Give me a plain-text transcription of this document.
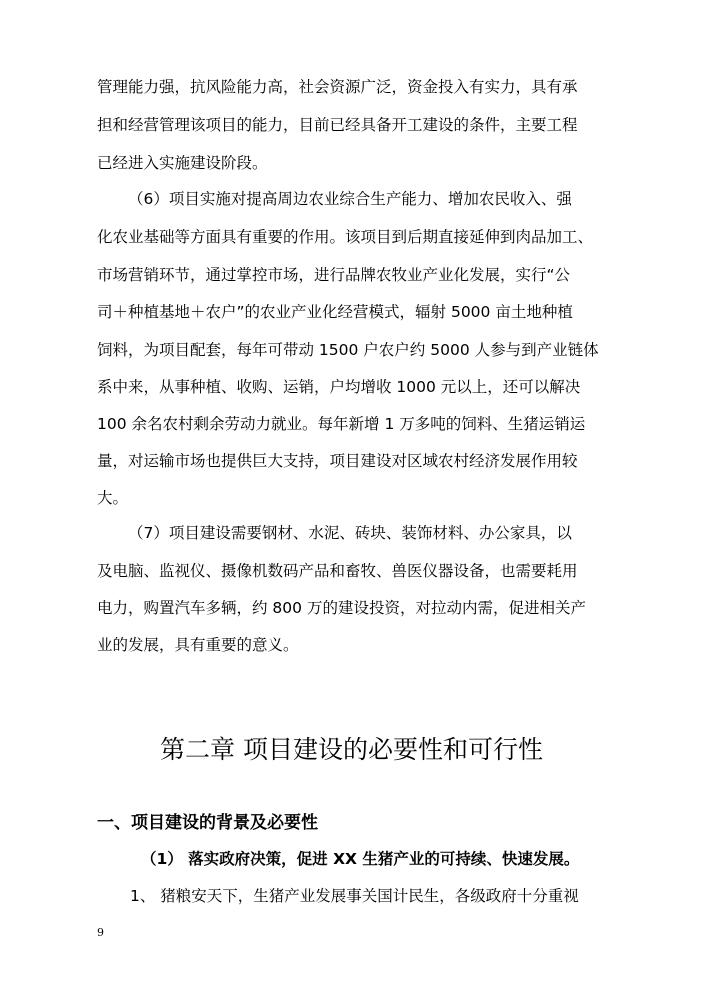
管理能力强，抗风险能力高，社会资源广泛，资金投入有实力，具有承
担和经营管理该项目的能力，目前已经具备开工建设的条件，主要工程
已经进入实施建设阶段。
（6）项目实施对提高周边农业综合生产能力、增加农民收入、强
化农业基础等方面具有重要的作用。该项目到后期直接延伸到肉品加工、
市场营销环节，通过掌控市场，进行品牌农牧业产业化发展，实行“公
司＋种植基地＋农户”的农业产业化经营模式，辐射 5000 亩土地种植
饲料，为项目配套，每年可带动 1500 户农户约 5000 人参与到产业链体
系中来，从事种植、收购、运销，户均增收 1000 元以上，还可以解决
100 余名农村剩余劳动力就业。每年新增 1 万多吨的饲料、生猪运销运
量，对运输市场也提供巨大支持，项目建设对区域农村经济发展作用较
大。
（7）项目建设需要钢材、水泥、砖块、装饰材料、办公家具，以
及电脑、监视仪、摄像机数码产品和畜牧、兽医仪器设备，也需要耗用
电力，购置汽车多辆，约 800 万的建设投资，对拉动内需，促进相关产
业的发展，具有重要的意义。
第二章 项目建设的必要性和可行性
一、项目建设的背景及必要性
（1） 落实政府决策，促进 XX 生猪产业的可持续、快速发展。
1、 猪粮安天下，生猪产业发展事关国计民生，各级政府十分重视
9
